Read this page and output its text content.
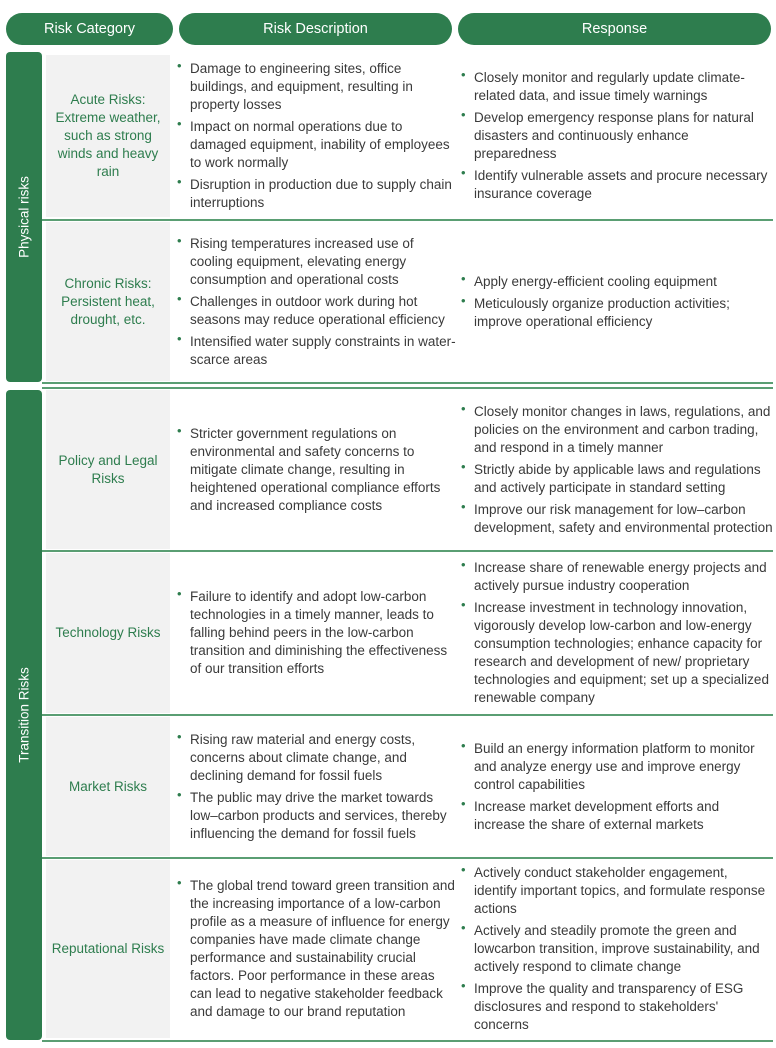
Risk Category	Risk Description	Response
Physical risks
Transition Risks
Acute Risks: Extreme weather, such as strong winds and heavy rain
• Damage to engineering sites, office buildings, and equipment, resulting in property losses
• Impact on normal operations due to damaged equipment, inability of employees to work normally
• Disruption in production due to supply chain interruptions
• Closely monitor and regularly update climate-related data, and issue timely warnings
• Develop emergency response plans for natural disasters and continuously enhance preparedness
• Identify vulnerable assets and procure necessary insurance coverage
Chronic Risks: Persistent heat, drought, etc.
• Rising temperatures increased use of cooling equipment, elevating energy consumption and operational costs
• Challenges in outdoor work during hot seasons may reduce operational efficiency
• Intensified water supply constraints in water-scarce areas
• Apply energy-efficient cooling equipment
• Meticulously organize production activities; improve operational efficiency
Policy and Legal Risks
• Stricter government regulations on environmental and safety concerns to mitigate climate change, resulting in heightened operational compliance efforts and increased compliance costs
• Closely monitor changes in laws, regulations, and policies on the environment and carbon trading, and respond in a timely manner
• Strictly abide by applicable laws and regulations and actively participate in standard setting
• Improve our risk management for low–carbon development, safety and environmental protection
Technology Risks
• Failure to identify and adopt low-carbon technologies in a timely manner, leads to falling behind peers in the low-carbon transition and diminishing the effectiveness of our transition efforts
• Increase share of renewable energy projects and actively pursue industry cooperation
• Increase investment in technology innovation, vigorously develop low-carbon and low-energy consumption technologies; enhance capacity for research and development of new/ proprietary technologies and equipment; set up a specialized renewable company
Market Risks
• Rising raw material and energy costs, concerns about climate change, and declining demand for fossil fuels
• The public may drive the market towards low–carbon products and services, thereby influencing the demand for fossil fuels
• Build an energy information platform to monitor and analyze energy use and improve energy control capabilities
• Increase market development efforts and increase the share of external markets
Reputational Risks
• The global trend toward green transition and the increasing importance of a low-carbon profile as a measure of influence for energy companies have made climate change performance and sustainability crucial factors. Poor performance in these areas can lead to negative stakeholder feedback and damage to our brand reputation
• Actively conduct stakeholder engagement, identify important topics, and formulate response actions
• Actively and steadily promote the green and lowcarbon transition, improve sustainability, and actively respond to climate change
• Improve the quality and transparency of ESG disclosures and respond to stakeholders' concerns
